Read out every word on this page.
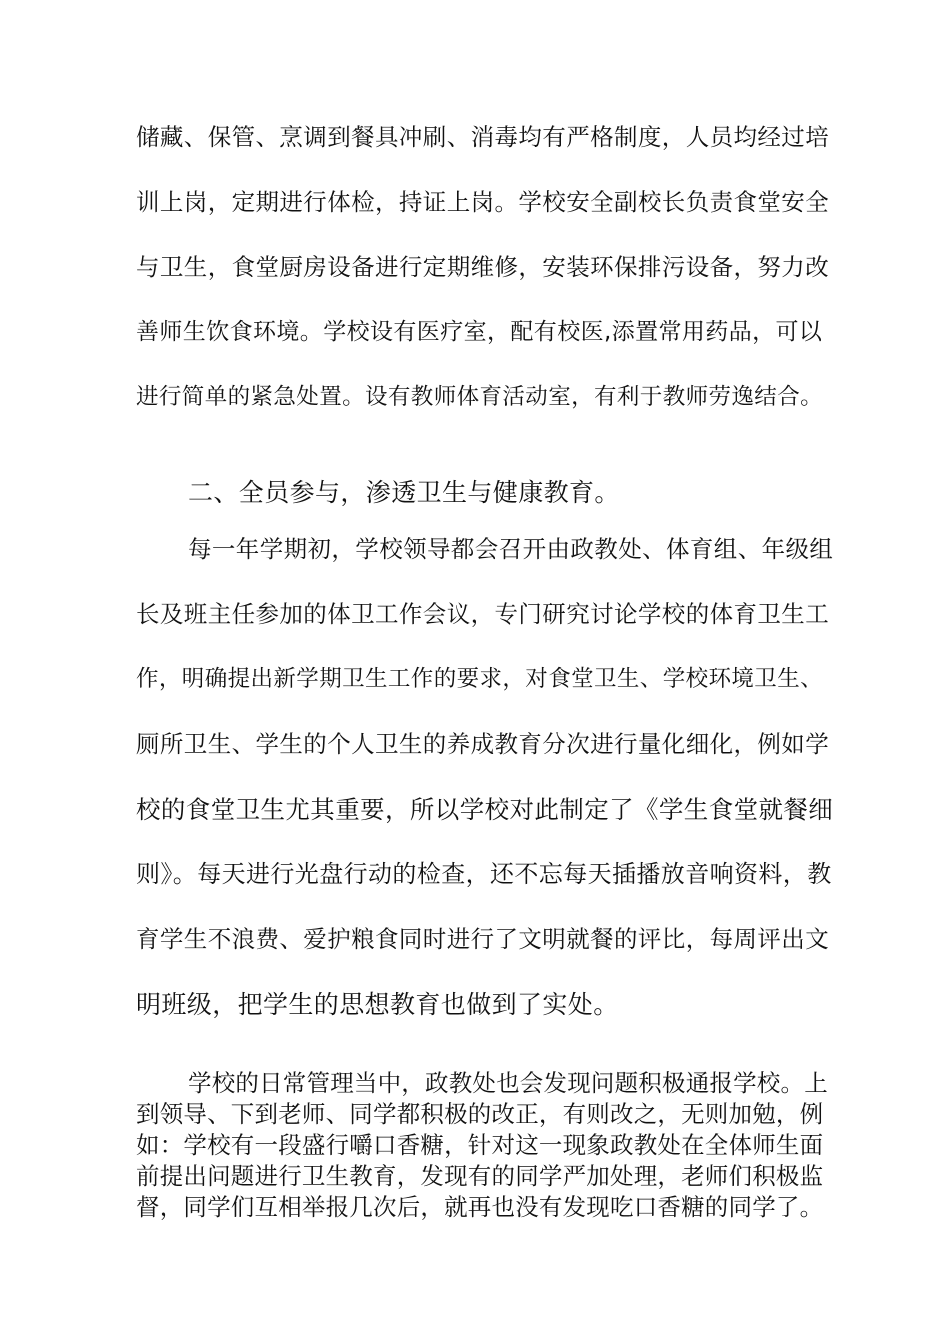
储藏、保管、烹调到餐具冲刷、消毒均有严格制度，人员均经过培
训上岗，定期进行体检，持证上岗。学校安全副校长负责食堂安全
与卫生，食堂厨房设备进行定期维修，安装环保排污设备，努力改
善师生饮食环境。学校设有医疗室，配有校医,添置常用药品，可以
进行简单的紧急处置。设有教师体育活动室，有利于教师劳逸结合。
二、全员参与，渗透卫生与健康教育。
每一年学期初，学校领导都会召开由政教处、体育组、年级组
长及班主任参加的体卫工作会议，专门研究讨论学校的体育卫生工
作，明确提出新学期卫生工作的要求，对食堂卫生、学校环境卫生、
厕所卫生、学生的个人卫生的养成教育分次进行量化细化，例如学
校的食堂卫生尤其重要，所以学校对此制定了《学生食堂就餐细
则》。每天进行光盘行动的检查，还不忘每天插播放音响资料，教
育学生不浪费、爱护粮食同时进行了文明就餐的评比，每周评出文
明班级，把学生的思想教育也做到了实处。
学校的日常管理当中，政教处也会发现问题积极通报学校。上
到领导、下到老师、同学都积极的改正，有则改之，无则加勉，例
如：学校有一段盛行嚼口香糖，针对这一现象政教处在全体师生面
前提出问题进行卫生教育，发现有的同学严加处理，老师们积极监
督，同学们互相举报几次后，就再也没有发现吃口香糖的同学了。
